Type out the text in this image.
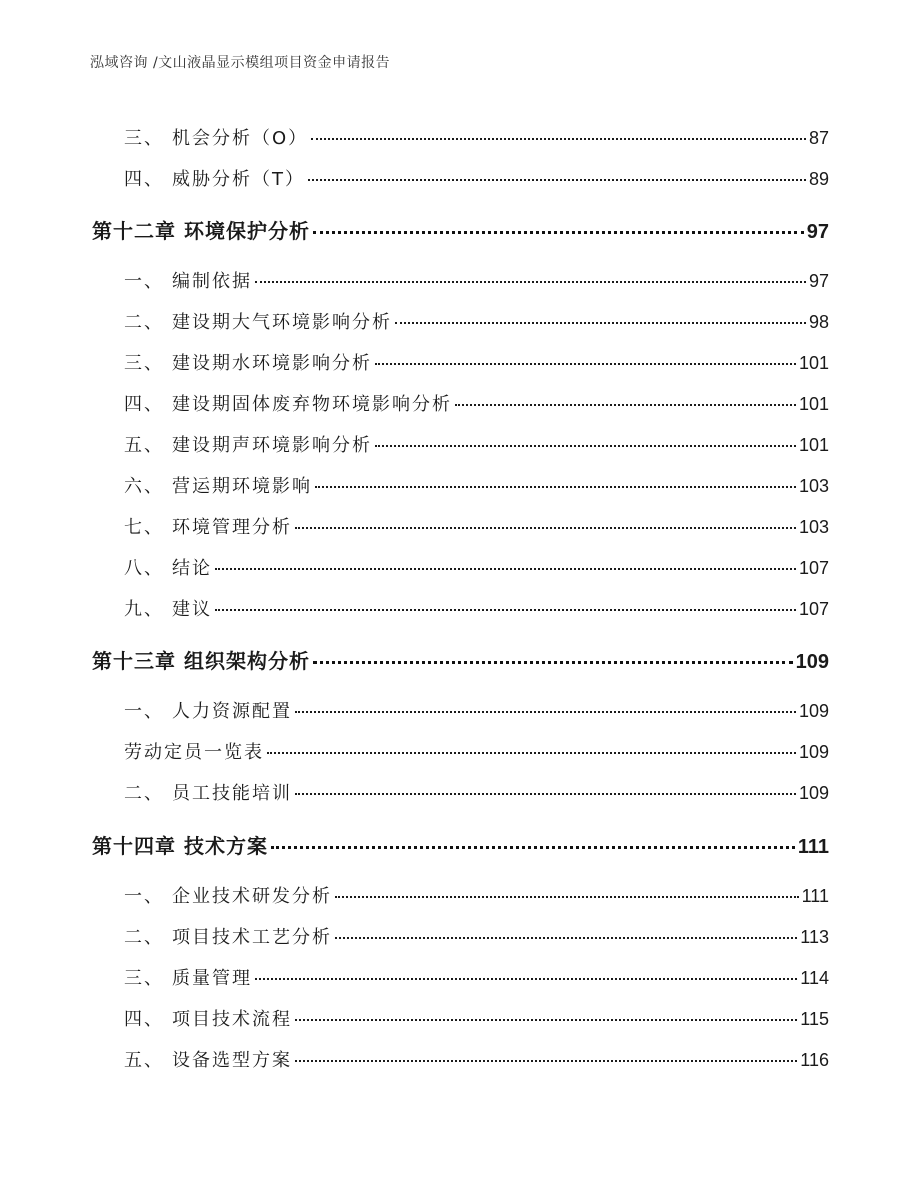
泓域咨询 /文山液晶显示模组项目资金申请报告
三、 机会分析（O）	87
四、 威胁分析（T）	89
第十二章 环境保护分析	97
一、 编制依据	97
二、 建设期大气环境影响分析	98
三、 建设期水环境影响分析	101
四、 建设期固体废弃物环境影响分析	101
五、 建设期声环境影响分析	101
六、 营运期环境影响	103
七、 环境管理分析	103
八、 结论	107
九、 建议	107
第十三章 组织架构分析	109
一、 人力资源配置	109
劳动定员一览表	109
二、 员工技能培训	109
第十四章 技术方案	111
一、 企业技术研发分析	111
二、 项目技术工艺分析	113
三、 质量管理	114
四、 项目技术流程	115
五、 设备选型方案	116
